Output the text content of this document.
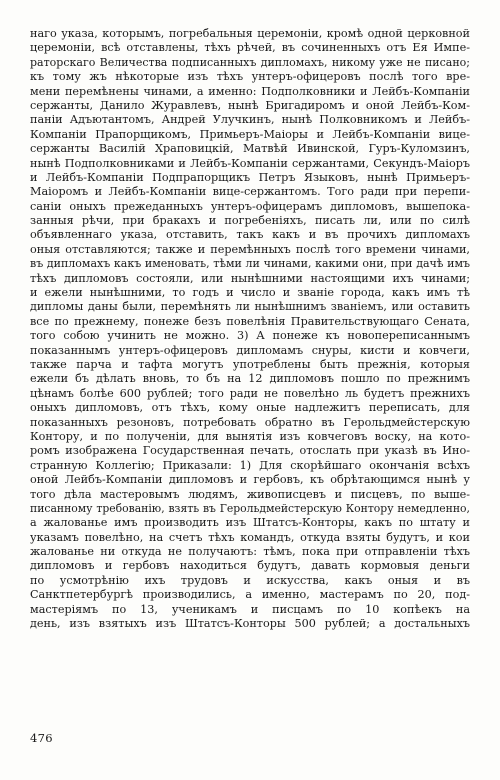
наго указа, которымъ, погребальныя церемоніи, кромѣ одной церковной
церемоніи, всѣ отставлены, тѣхъ рѣчей, въ сочиненныхъ отъ Ея Импе-
раторскаго Величества подписанныхъ дипломахъ, никому уже не писано;
къ тому жъ нѣкоторые изъ тѣхъ унтеръ-офицеровъ послѣ того вре-
мени перемѣнены чинами, а именно: Подполковники и Лейбъ-Компаніи
сержанты, Данило Журавлевъ, нынѣ Бригадиромъ и оной Лейбъ-Ком-
паніи Адъютантомъ, Андрей Улучкинъ, нынѣ Полковникомъ и Лейбъ-
Компаніи Прапорщикомъ, Примьеръ-Маіоры и Лейбъ-Компаніи вице-
сержанты Василій Храповицкій, Матвѣй Ивинской, Гуръ-Куломзинъ,
нынѣ Подполковниками и Лейбъ-Компаніи сержантами, Секундъ-Маіоръ
и Лейбъ-Компаніи Подпрапорщикъ Петръ Языковъ, нынѣ Примьеръ-
Маіоромъ и Лейбъ-Компаніи вице-сержантомъ. Того ради при перепи-
саніи оныхъ прежеданныхъ унтеръ-офицерамъ дипломовъ, вышепока-
занныя рѣчи, при бракахъ и погребеніяхъ, писать ли, или по силѣ
объявленнаго указа, отставить, такъ какъ и въ прочихъ дипломахъ
оныя отставляются; также и перемѣнныхъ послѣ того времени чинами,
въ дипломахъ какъ именовать, тѣми ли чинами, какими они, при дачѣ имъ
тѣхъ дипломовъ состояли, или нынѣшними настоящими ихъ чинами;
и ежели нынѣшними, то годъ и число и званіе города, какъ имъ тѣ
дипломы даны были, перемѣнять ли нынѣшнимъ званіемъ, или оставить
все по прежнему, понеже безъ повелѣнія Правительствующаго Сената,
того собою учинить не можно. 3) А понеже къ новопереписаннымъ
показаннымъ унтеръ-офицеровъ дипломамъ снуры, кисти и ковчеги,
также парча и тафта могутъ употреблены быть прежнія, которыя
ежели бъ дѣлать вновь, то бъ на 12 дипломовъ пошло по прежнимъ
цѣнамъ болѣе 600 рублей; того ради не повелѣно ль будетъ прежнихъ
оныхъ дипломовъ, отъ тѣхъ, кому оные надлежитъ переписать, для
показанныхъ резоновъ, потребовать обратно въ Герольдмейстерскую
Контору, и по полученіи, для вынятія изъ ковчеговъ воску, на кото-
ромъ изображена Государственная печать, отослать при указѣ въ Ино-
странную Коллегію; Приказали: 1) Для скорѣйшаго окончанія всѣхъ
оной Лейбъ-Компаніи дипломовъ и гербовъ, къ обрѣтающимся нынѣ у
того дѣла мастеровымъ людямъ, живописцевъ и писцевъ, по выше-
писанному требованію, взять въ Герольдмейстерскую Контору немедленно,
а жалованье имъ производить изъ Штатсъ-Конторы, какъ по штату и
указамъ повелѣно, на счетъ тѣхъ командъ, откуда взяты будутъ, и кои
жалованье ни откуда не получаютъ: тѣмъ, пока при отправленіи тѣхъ
дипломовъ и гербовъ находиться будутъ, давать кормовыя деньги
по усмотрѣнію ихъ трудовъ и искусства, какъ оныя и въ
Санктпетербургѣ производились, а именно, мастерамъ по 20, под-
мастеріямъ по 13, ученикамъ и писцамъ по 10 копѣекъ на
день, изъ взятыхъ изъ Штатсъ-Конторы 500 рублей; а достальныхъ
476
